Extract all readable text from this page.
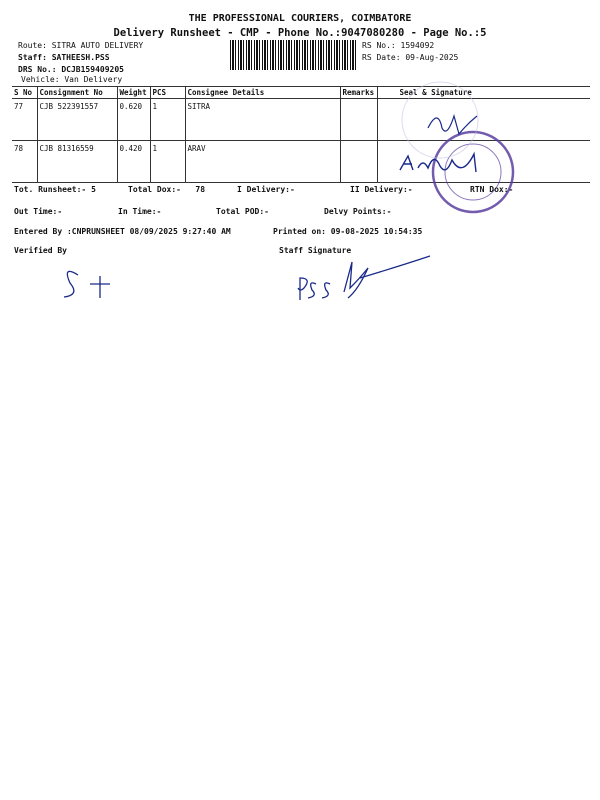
THE PROFESSIONAL COURIERS, COIMBATORE
Delivery Runsheet - CMP - Phone No.:9047080280 - Page No.:5
Route: SITRA AUTO DELIVERY
Staff: SATHEESH.PSS
DRS No.: DCJB159409205
Vehicle: Van Delivery
RS No.: 1594092
RS Date: 09-Aug-2025
S No	Consignment No	Weight	PCS	Consignee Details	Remarks	Seal & Signature
77	CJB 522391557	0.620	1	SITRA		
78	CJB 81316559	0.420	1	ARAV		
Tot. Runsheet:- 5	Total Dox:-   78	I Delivery:-	II Delivery:-	RTN Dox:-
Out Time:-	In Time:-	Total POD:-	Delvy Points:-
Entered By :CNPRUNSHEET 08/09/2025 9:27:40 AM	Printed on: 09-08-2025 10:54:35
Verified By	Staff Signature
